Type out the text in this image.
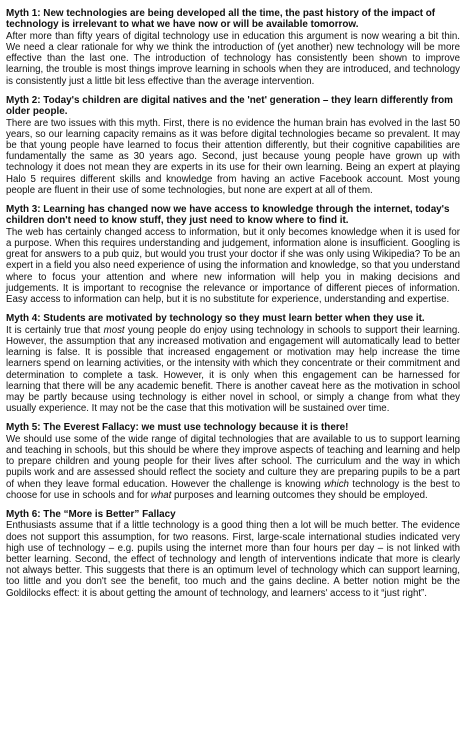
Myth 1: New technologies are being developed all the time, the past history of the impact of technology is irrelevant to what we have now or will be available tomorrow.

After more than fifty years of digital technology use in education this argument is now wearing a bit thin. We need a clear rationale for why we think the introduction of (yet another) new technology will be more effective than the last one. The introduction of technology has consistently been shown to improve learning, the trouble is most things improve learning in schools when they are introduced, and technology is consistently just a little bit less effective than the average intervention.

Myth 2: Today's children are digital natives and the 'net' generation – they learn differently from older people.

There are two issues with this myth. First, there is no evidence the human brain has evolved in the last 50 years, so our learning capacity remains as it was before digital technologies became so prevalent. It may be that young people have learned to focus their attention differently, but their cognitive capabilities are fundamentally the same as 30 years ago. Second, just because young people have grown up with technology it does not mean they are experts in its use for their own learning. Being an expert at playing Halo 5 requires different skills and knowledge from having an active Facebook account. Most young people are fluent in their use of some technologies, but none are expert at all of them.

Myth 3: Learning has changed now we have access to knowledge through the internet, today's children don't need to know stuff, they just need to know where to find it.

The web has certainly changed access to information, but it only becomes knowledge when it is used for a purpose. When this requires understanding and judgement, information alone is insufficient. Googling is great for answers to a pub quiz, but would you trust your doctor if she was only using Wikipedia? To be an expert in a field you also need experience of using the information and knowledge, so that you understand where to focus your attention and where new information will help you in making decisions and judgements. It is important to recognise the relevance or importance of different pieces of information. Easy access to information can help, but it is no substitute for experience, understanding and expertise.

Myth 4: Students are motivated by technology so they must learn better when they use it.

It is certainly true that most young people do enjoy using technology in schools to support their learning. However, the assumption that any increased motivation and engagement will automatically lead to better learning is false. It is possible that increased engagement or motivation may help increase the time learners spend on learning activities, or the intensity with which they concentrate or their commitment and determination to complete a task. However, it is only when this engagement can be harnessed for learning that there will be any academic benefit. There is another caveat here as the motivation in school may be partly because using technology is either novel in school, or simply a change from what they usually experience. It may not be the case that this motivation will be sustained over time.

Myth 5: The Everest Fallacy: we must use technology because it is there!

We should use some of the wide range of digital technologies that are available to us to support learning and teaching in schools, but this should be where they improve aspects of teaching and learning and help to prepare children and young people for their lives after school. The curriculum and the way in which pupils work and are assessed should reflect the society and culture they are preparing pupils to be a part of when they leave formal education. However the challenge is knowing which technology is the best to choose for use in schools and for what purposes and learning outcomes they should be employed.

Myth 6: The “More is Better” Fallacy

Enthusiasts assume that if a little technology is a good thing then a lot will be much better. The evidence does not support this assumption, for two reasons. First, large-scale international studies indicated very high use of technology – e.g. pupils using the internet more than four hours per day – is not linked with better learning. Second, the effect of technology and length of interventions indicate that more is clearly not always better. This suggests that there is an optimum level of technology which can support learning, too little and you don't see the benefit, too much and the gains decline. A better notion might be the Goldilocks effect: it is about getting the amount of technology, and learners' access to it “just right”.
